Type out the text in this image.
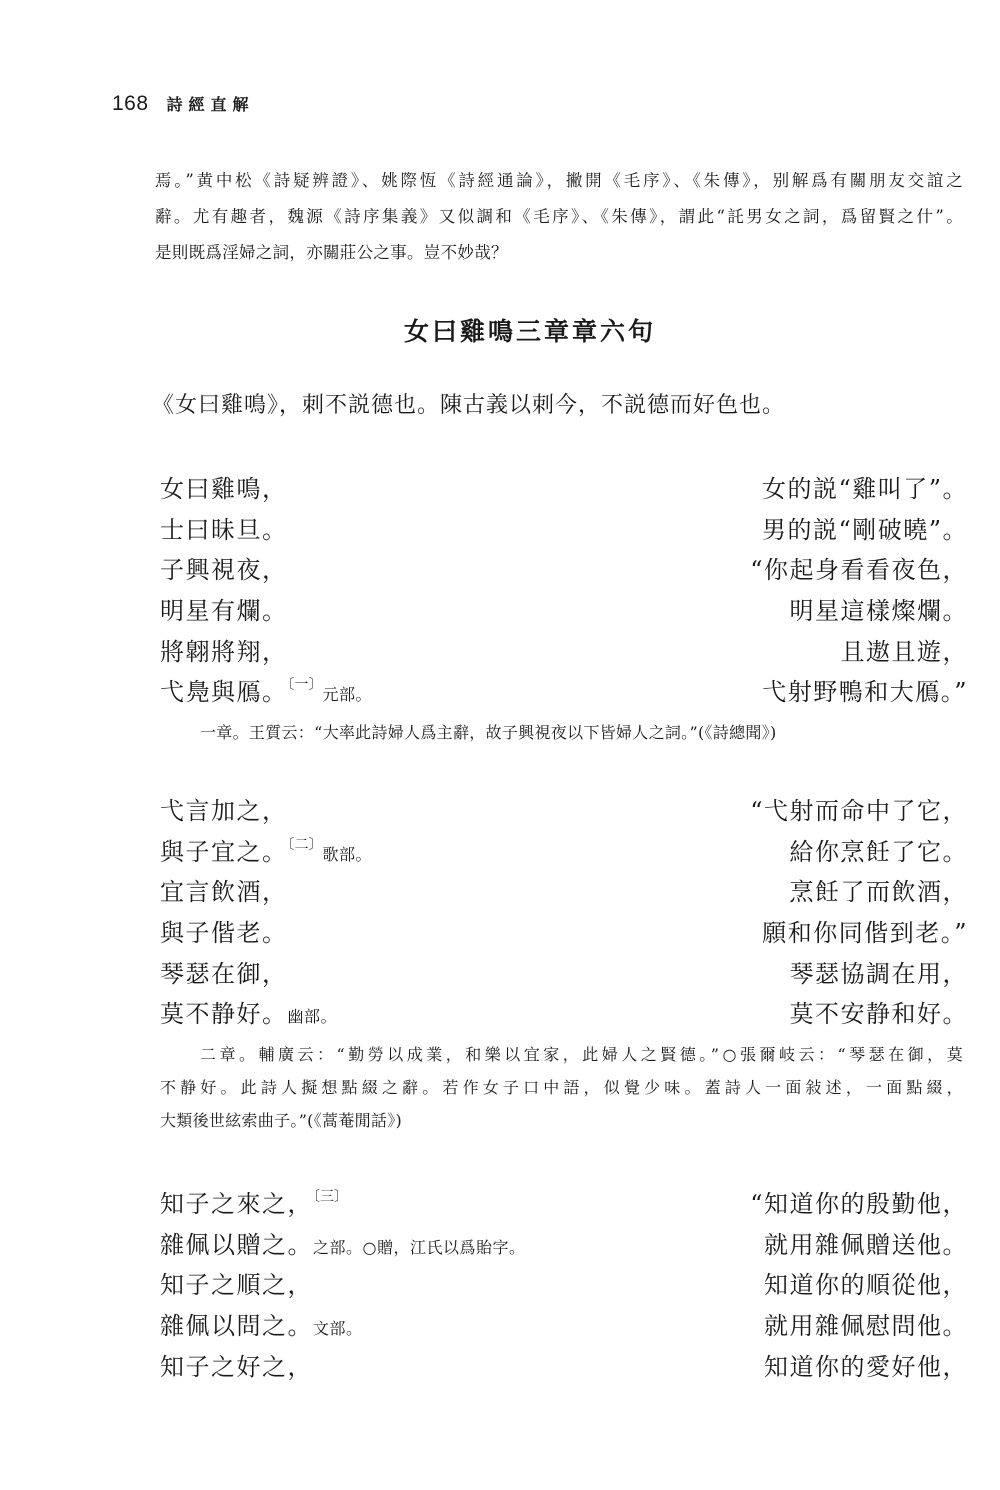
168 詩經直解

焉。”黄中松《詩疑辨證》、姚際恆《詩經通論》，撇開《毛序》、《朱傳》，别解爲有關朋友交誼之

辭。尤有趣者，魏源《詩序集義》又似調和《毛序》、《朱傳》，謂此“託男女之詞，爲留賢之什”。

是則既爲淫婦之詞，亦關莊公之事。豈不妙哉？

女曰雞鳴三章章六句
《女曰雞鳴》，刺不説德也。陳古義以刺今，不説德而好色也。
女曰雞鳴，	女的説“雞叫了”。
士曰昧旦。	男的説“剛破曉”。
子興視夜，	“你起身看看夜色，
明星有爛。	明星這樣燦爛。
將翺將翔，	且遨且遊，
弋鳧與鴈。$^{〔一〕}$元部。	弋射野鴨和大鴈。”

一章。王質云：“大率此詩婦人爲主辭，故子興視夜以下皆婦人之詞。”(《詩總聞》)

弋言加之，	“弋射而命中了它，
與子宜之。$^{〔二〕}$歌部。	給你烹飪了它。
宜言飲酒，	烹飪了而飲酒，
與子偕老。	願和你同偕到老。”
琴瑟在御，	琴瑟協調在用，
莫不静好。幽部。	莫不安静和好。

二章。輔廣云：“勤勞以成業，和樂以宜家，此婦人之賢德。”○張爾岐云：“琴瑟在御，莫

不静好。此詩人擬想點綴之辭。若作女子口中語，似覺少味。蓋詩人一面敍述，一面點綴，

大類後世絃索曲子。”(《蒿菴閒話》)

知子之來之，$^{〔三〕}$	“知道你的殷勤他，
雜佩以贈之。之部。○贈，江氏以爲貽字。	就用雜佩贈送他。
知子之順之，	知道你的順從他，
雜佩以問之。文部。	就用雜佩慰問他。
知子之好之，	知道你的愛好他，
